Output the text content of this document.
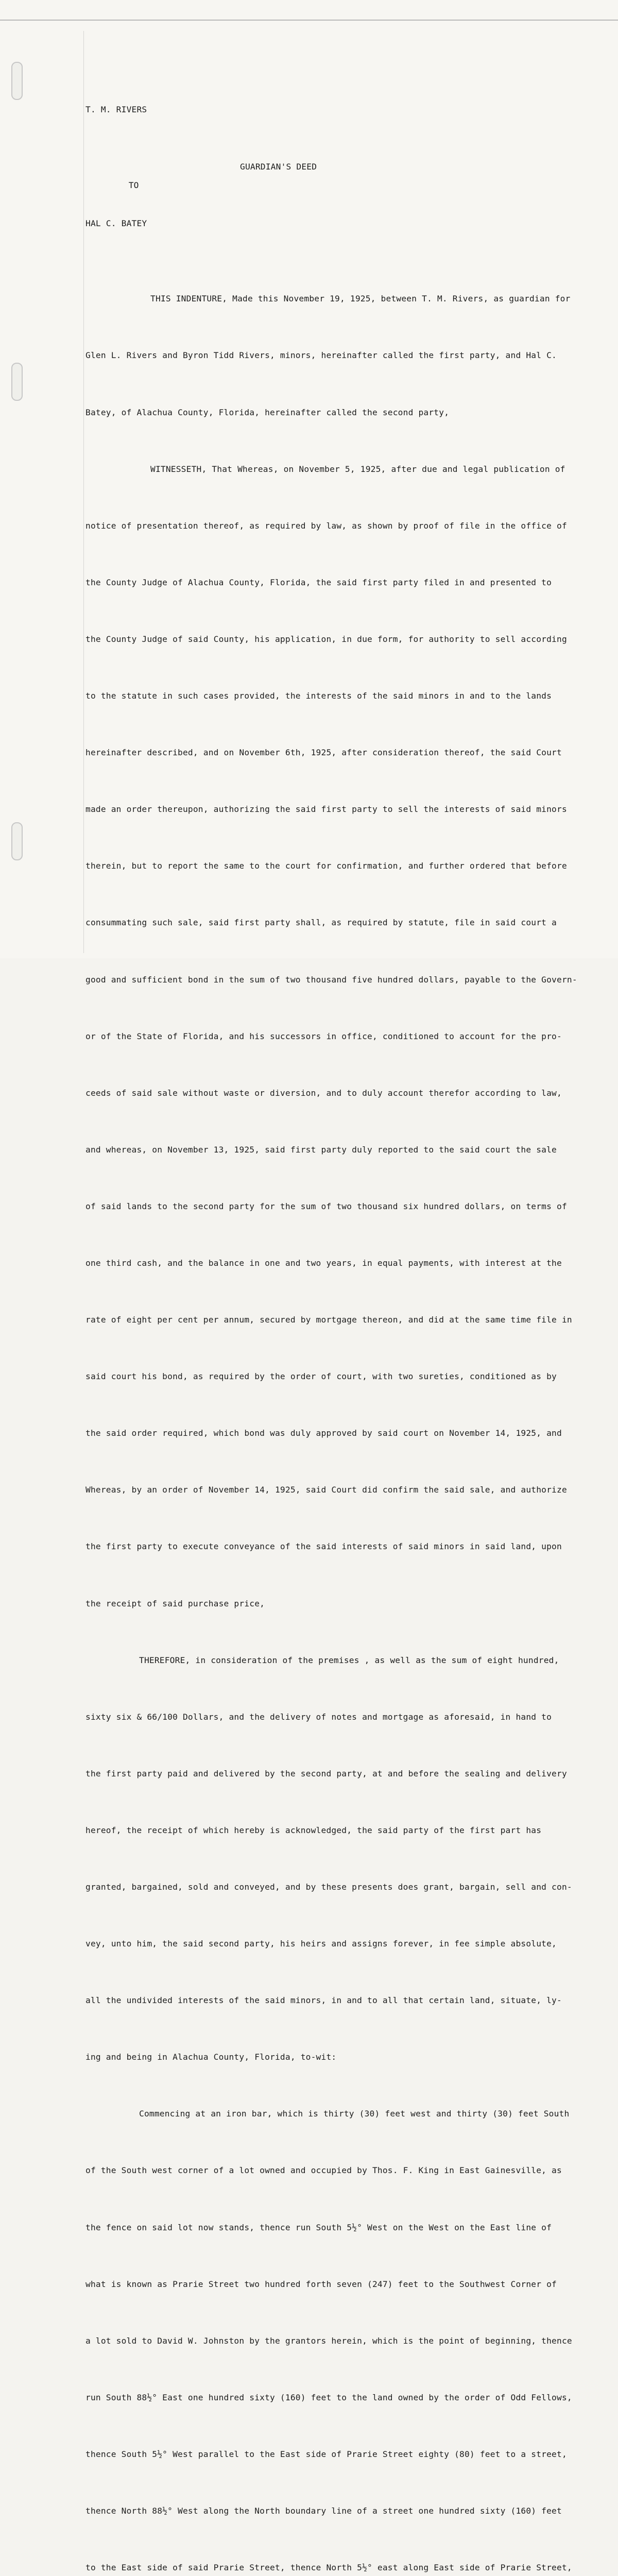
T. M. RIVERS

TO

GUARDIAN'S DEED

HAL C. BATEY

THIS INDENTURE, Made this November 19, 1925, between T. M. Rivers, as guardian for

Glen L. Rivers and Byron Tidd Rivers, minors, hereinafter called the first party, and Hal C.

Batey, of Alachua County, Florida, hereinafter called the second party,

WITNESSETH, That Whereas, on November 5, 1925, after due and legal publication of

notice of presentation thereof, as required by law, as shown by proof of file in the office of

the County Judge of Alachua County, Florida, the said first party filed in and presented to

the County Judge of said County, his application, in due form, for authority to sell according

to the statute in such cases provided, the interests of the said minors in and to the lands

hereinafter described, and on November 6th, 1925, after consideration thereof, the said Court

made an order thereupon, authorizing the said first party to sell the interests of said minors

therein, but to report the same to the court for confirmation, and further ordered that before

consummating such sale, said first party shall, as required by statute, file in said court a

good and sufficient bond in the sum of two thousand five hundred dollars, payable to the Govern-

or of the State of Florida, and his successors in office, conditioned to account for the pro-

ceeds of said sale without waste or diversion, and to duly account therefor according to law,

and whereas, on November 13, 1925, said first party duly reported to the said court the sale

of said lands to the second party for the sum of two thousand six hundred dollars, on terms of

one third cash, and the balance in one and two years, in equal payments, with interest at the

rate of eight per cent per annum, secured by mortgage thereon, and did at the same time file in

said court his bond, as required by the order of court, with two sureties, conditioned as by

the said order required, which bond was duly approved by said court on November 14, 1925, and

Whereas, by an order of November 14, 1925, said Court did confirm the said sale, and authorize

the first party to execute conveyance of the said interests of said minors in said land, upon

the receipt of said purchase price,

THEREFORE, in consideration of the premises , as well as the sum of eight hundred,

sixty six & 66/100 Dollars, and the delivery of notes and mortgage as aforesaid, in hand to

the first party paid and delivered by the second party, at and before the sealing and delivery

hereof, the receipt of which hereby is acknowledged, the said party of the first part has

granted, bargained, sold and conveyed, and by these presents does grant, bargain, sell and con-

vey, unto him, the said second party, his heirs and assigns forever, in fee simple absolute,

all the undivided interests of the said minors, in and to all that certain land, situate, ly-

ing and being in Alachua County, Florida, to-wit:

Commencing at an iron bar, which is thirty (30) feet west and thirty (30) feet South

of the South west corner of a lot owned and occupied by Thos. F. King in East Gainesville, as

the fence on said lot now stands, thence run South 5½° West on the West on the East line of

what is known as Prarie Street two hundred forth seven (247) feet to the Southwest Corner of

a lot sold to David W. Johnston by the grantors herein, which is the point of beginning, thence

run South 88½° East one hundred sixty (160) feet to the land owned by the order of Odd Fellows,

thence South 5½° West parallel to the East side of Prarie Street eighty (80) feet to a street,

thence North 88½° West along the North boundary line of a street one hundred sixty (160) feet

to the East side of said Prarie Street, thence North 5½° east along East side of Prarie Street,
